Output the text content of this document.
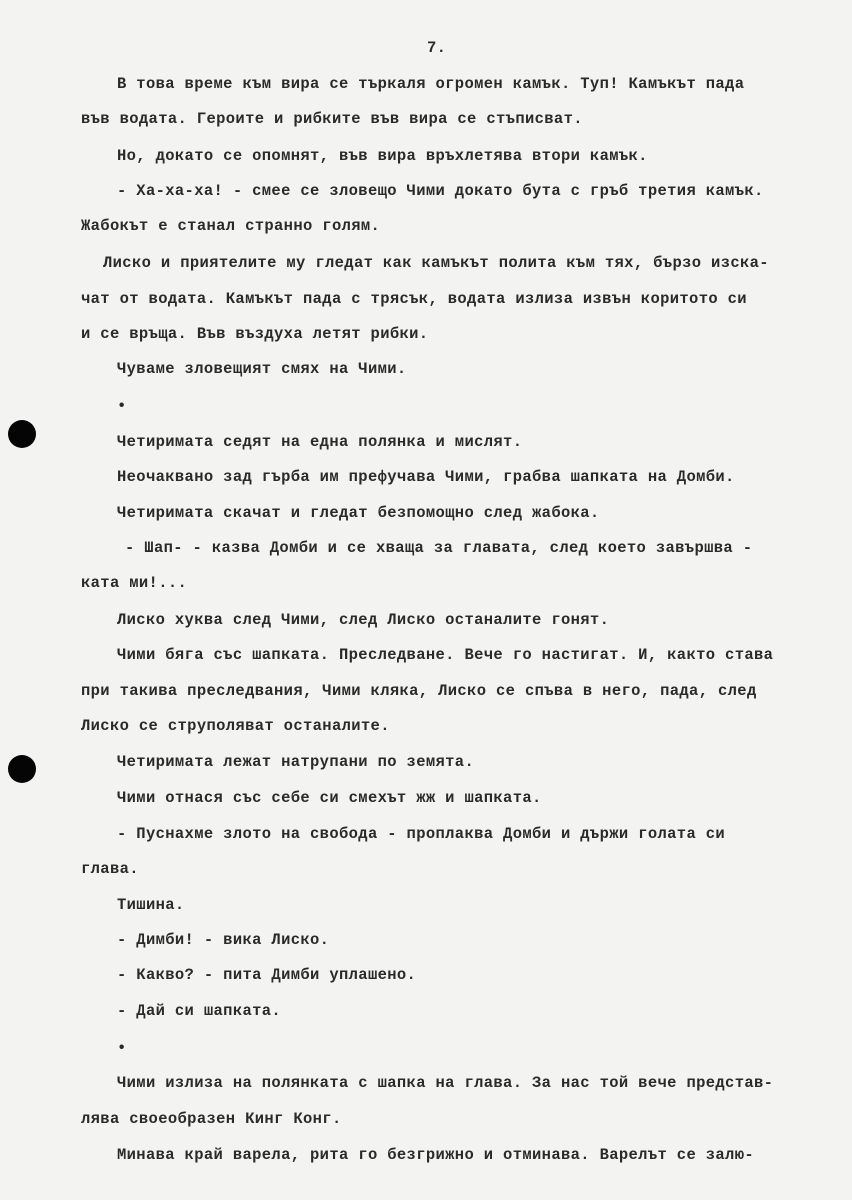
7.
В това време към вира се търкаля огромен камък. Туп! Камъкът пада
във водата. Героите и рибките във вира се стъписват.
Но, докато се опомнят, във вира връхлетява втори камък.
- Ха-ха-ха! - смее се зловещо Чими докато бута с гръб третия камък.
Жабокът е станал странно голям.
Лиско и приятелите му гледат как камъкът полита към тях, бързо изска-
чат от водата. Камъкът пада с трясък, водата излиза извън коритото си
и се връща. Във въздуха летят рибки.
Чуваме зловещият смях на Чими.
•
Четиримата седят на една полянка и мислят.
Неочаквано зад гърба им префучава Чими, грабва шапката на Домби.
Четиримата скачат и гледат безпомощно след жабока.
- Шап- - казва Домби и се хваща за главата, след което завършва -
ката ми!...
Лиско хуква след Чими, след Лиско останалите гонят.
Чими бяга със шапката. Преследване. Вече го настигат. И, както става
при такива преследвания, Чими кляка, Лиско се спъва в него, пада, след
Лиско се струполяват останалите.
Четиримата лежат натрупани по земята.
Чими отнася със себе си смехът жж и шапката.
- Пуснахме злото на свобода - проплаква Домби и държи голата си
глава.
Тишина.
- Димби! - вика Лиско.
- Какво? - пита Димби уплашено.
- Дай си шапката.
•
Чими излиза на полянката с шапка на глава. За нас той вече представ-
лява своеобразен Кинг Конг.
Минава край варела, рита го безгрижно и отминава. Варелът се залю-
